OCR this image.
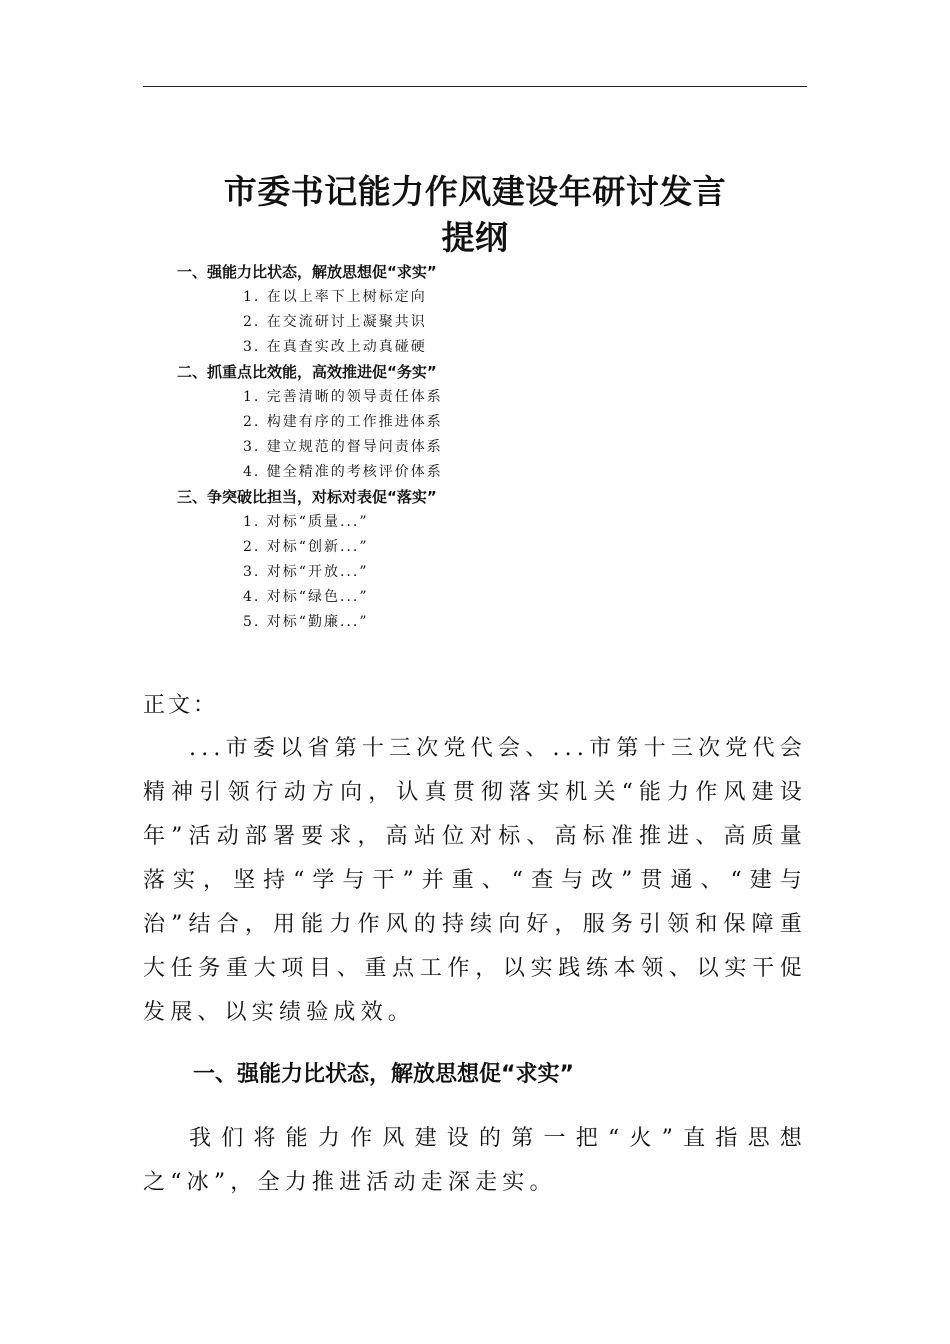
市委书记能力作风建设年研讨发言
提纲
一、强能力比状态，解放思想促“求实”
1. 在以上率下上树标定向
2. 在交流研讨上凝聚共识
3. 在真查实改上动真碰硬
二、抓重点比效能，高效推进促“务实”
1. 完善清晰的领导责任体系
2. 构建有序的工作推进体系
3. 建立规范的督导问责体系
4. 健全精准的考核评价体系
三、争突破比担当，对标对表促“落实”
1. 对标“质量...”
2. 对标“创新...”
3. 对标“开放...”
4. 对标“绿色...”
5. 对标“勤廉...”
正文：
...市委以省第十三次党代会、...市第十三次党代会精神引领行动方向，认真贯彻落实机关“能力作风建设年”活动部署要求，高站位对标、高标准推进、高质量落实，坚持“学与干”并重、“查与改”贯通、“建与治”结合，用能力作风的持续向好，服务引领和保障重大任务重大项目、重点工作，以实践练本领、以实干促发展、以实绩验成效。
一、强能力比状态，解放思想促“求实”
我们将能力作风建设的第一把“火”直指思想之“冰”，全力推进活动走深走实。
